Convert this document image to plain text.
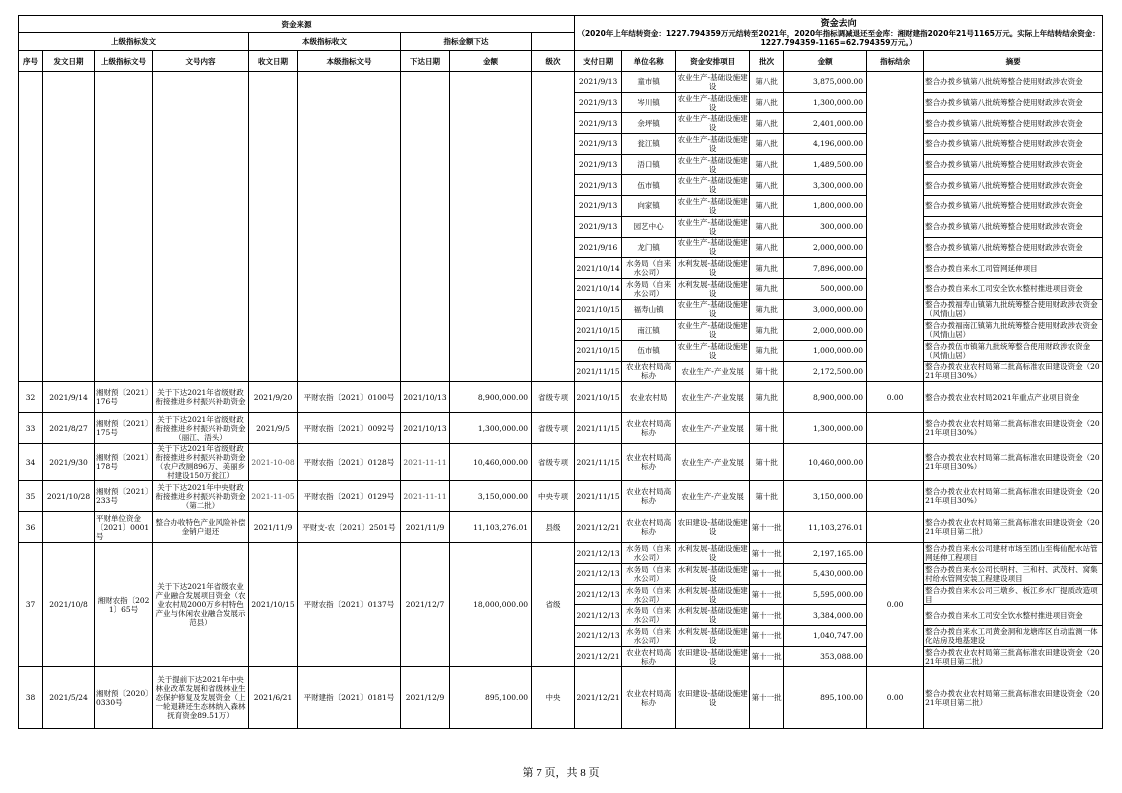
资金来源									资金去向
（2020年上年结转资金：1227.794359万元结转至2021年，2020年指标调减退还至金库：湘财建指2020年21号1165万元。实际上年结转结余资金：1227.794359-1165=62.794359万元。）						

上级指标发文				本级指标收文		指标金额下达									
序号	发文日期	上级指标文号	文号内容	收文日期	本级指标文号	下达日期	金额	级次	支付日期	单位名称	资金安排项目	批次	金额	指标结余	摘要
									2021/9/13	童市镇	农业生产-基础设施建设	第八批	3,875,000.00		整合办拨乡镇第八批统筹整合使用财政涉农资金
									2021/9/13	岑川镇	农业生产-基础设施建设	第八批	1,300,000.00		整合办拨乡镇第八批统筹整合使用财政涉农资金
									2021/9/13	余坪镇	农业生产-基础设施建设	第八批	2,401,000.00		整合办拨乡镇第八批统筹整合使用财政涉农资金
									2021/9/13	瓮江镇	农业生产-基础设施建设	第八批	4,196,000.00		整合办拨乡镇第八批统筹整合使用财政涉农资金
									2021/9/13	浯口镇	农业生产-基础设施建设	第八批	1,489,500.00		整合办拨乡镇第八批统筹整合使用财政涉农资金
									2021/9/13	伍市镇	农业生产-基础设施建设	第八批	3,300,000.00		整合办拨乡镇第八批统筹整合使用财政涉农资金
									2021/9/13	向家镇	农业生产-基础设施建设	第八批	1,800,000.00		整合办拨乡镇第八批统筹整合使用财政涉农资金
									2021/9/13	园艺中心	农业生产-基础设施建设	第八批	300,000.00		整合办拨乡镇第八批统筹整合使用财政涉农资金
									2021/9/16	龙门镇	农业生产-基础设施建设	第八批	2,000,000.00		整合办拨乡镇第八批统筹整合使用财政涉农资金
									2021/10/14	水务局（自来水公司）	水利发展-基础设施建设	第九批	7,896,000.00		整合办拨自来水工司管网延伸项目
									2021/10/14	水务局（自来水公司）	水利发展-基础设施建设	第九批	500,000.00		整合办拨自来水工司安全饮水整村推进项目资金
									2021/10/15	福寿山镇	农业生产-基础设施建设	第九批	3,000,000.00		整合办拨福寿山镇第九批统筹整合使用财政涉农资金（风情山居）
									2021/10/15	南江镇	农业生产-基础设施建设	第九批	2,000,000.00		整合办拨福南江镇第九批统筹整合使用财政涉农资金（风情山居）
									2021/10/15	伍市镇	农业生产-基础设施建设	第九批	1,000,000.00		整合办拨伍市镇第九批统筹整合使用财政涉农资金（风情山居）
									2021/11/15	农业农村局高标办	农业生产-产业发展	第十批	2,172,500.00		整合办拨农业农村局第二批高标准农田建设资金（2021年项目30%）
32	2021/9/14	湘财预〔2021〕176号	关于下达2021年省级财政衔接推进乡村振兴补助资金	2021/9/20	平财农指〔2021〕0100号	2021/10/13	8,900,000.00	省级专项	2021/10/15	农业农村局	农业生产-产业发展	第九批	8,900,000.00	0.00	整合办拨农业农村局2021年重点产业项目资金
33	2021/8/27	湘财预〔2021〕175号	关于下达2021年省级财政衔接推进乡村振兴补助资金（丽江、浯头）	2021/9/5	平财农指〔2021〕0092号	2021/10/13	1,300,000.00	省级专项	2021/11/15	农业农村局高标办	农业生产-产业发展	第十批	1,300,000.00		整合办拨农业农村局第二批高标准农田建设资金（2021年项目30%）
34	2021/9/30	湘财预〔2021〕178号	关于下达2021年省级财政衔接推进乡村振兴补助资金（农户改厕896万、美丽乡村建设150万瓮江）	2021-10-08	平财农指〔2021〕0128号	2021-11-11	10,460,000.00	省级专项	2021/11/15	农业农村局高标办	农业生产-产业发展	第十批	10,460,000.00		整合办拨农业农村局第二批高标准农田建设资金（2021年项目30%）
35	2021/10/28	湘财预〔2021〕233号	关于下达2021年中央财政衔接推进乡村振兴补助资金（第二批）	2021-11-05	平财农指〔2021〕0129号	2021-11-11	3,150,000.00	中央专项	2021/11/15	农业农村局高标办	农业生产-产业发展	第十批	3,150,000.00		整合办拨农业农村局第二批高标准农田建设资金（2021年项目30%）
36		平财单位资金〔2021〕0001号	整合办收特色产业风险补偿金销户退还	2021/11/9	平财支-农〔2021〕2501号	2021/11/9	11,103,276.01	县级	2021/12/21	农业农村局高标办	农田建设-基础设施建设	第十一批	11,103,276.01		整合办拨农业农村局第三批高标准农田建设资金（2021年项目第二批）
37	2021/10/8	湘财农指〔2021〕65号	关于下达2021年省级农业产业融合发展项目资金（农业农村局2000万乡村特色产业与休闲农业融合发展示范县）	2021/10/15	平财农指〔2021〕0137号	2021/12/7	18,000,000.00	省级	2021/12/13	水务局（自来水公司）	水利发展-基础设施建设	第十一批	2,197,165.00	0.00	整合办拨自来水公司建材市场至团山至梅仙配水站管网延伸工程项目
									2021/12/13	水务局（自来水公司）	水利发展-基础设施建设	第十一批	5,430,000.00		整合办拨自来水公司长明村、三和村、武茂村、窝集村给水管网安装工程建设项目
									2021/12/13	水务局（自来水公司）	水利发展-基础设施建设	第十一批	5,595,000.00		整合办拨自来水公司三墩乡、板江乡水厂提质改造项目
									2021/12/13	水务局（自来水公司）	水利发展-基础设施建设	第十一批	3,384,000.00		整合办拨自来水工司安全饮水整村推进项目资金
									2021/12/13	水务局（自来水公司）	水利发展-基础设施建设	第十一批	1,040,747.00		整合办拨自来水工司黄金洞和龙塘库区自动监测一体化站房及地基建设
									2021/12/21	农业农村局高标办	农田建设-基础设施建设	第十一批	353,088.00		整合办拨农业农村局第三批高标准农田建设资金（2021年项目第二批）
38	2021/5/24	湘财预〔2020〕0330号	关于提前下达2021年中央林业改革发展和省级林业生态保护修复及发展资金（上一轮退耕还生态林纳入森林抚育资金89.51万）	2021/6/21	平财建指〔2021〕0181号	2021/12/9	895,100.00	中央	2021/12/21	农业农村局高标办	农田建设-基础设施建设	第十一批	895,100.00	0.00	整合办拨农业农村局第三批高标准农田建设资金（2021年项目第二批）
第 7 页，共 8 页
